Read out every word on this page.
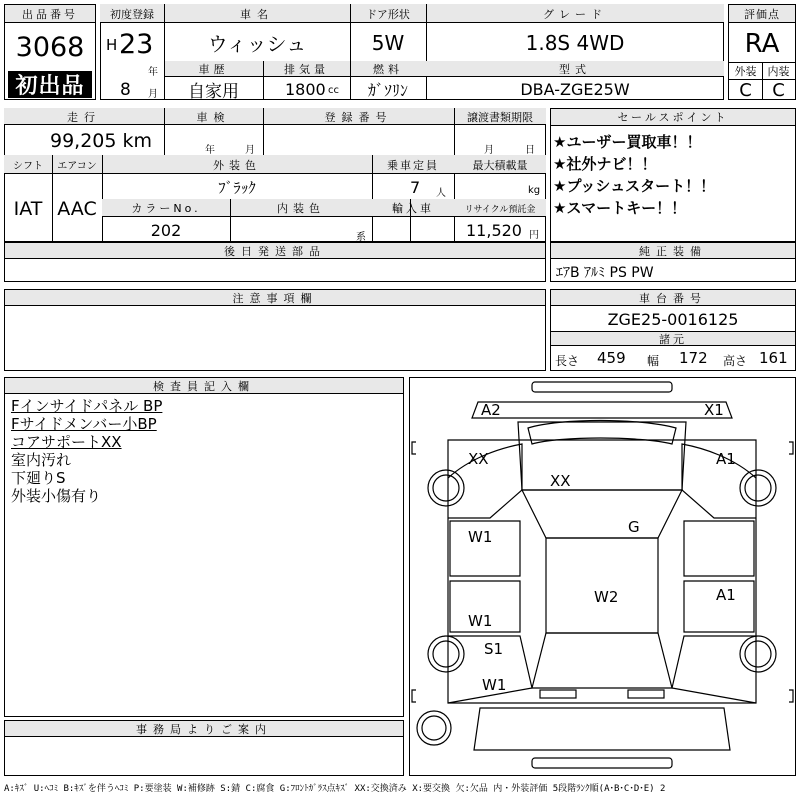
出品番号
3068
初出品
初度登録
H 23
年
8 月
車名
ウィッシュ
ドア形状
5W
グレード
1.8S 4WD
車歴
自家用
排気量
1800 cc
燃料
ｶﾞｿﾘﾝ
型式
DBA-ZGE25W
評価点
RA
外装	内装
C	C
走行
99,205 km
車検
年	月
登録番号	譲渡書類期限
月	日
シフト
IAT
エアコン
AAC
外装色
ﾌﾞﾗｯｸ
乗車定員
7 人
最大積載量
kg
カラーNo.
202
内装色
系
輸入車	リサイクル預託金
11,520 円
セールスポイント
★ユーザー買取車！！
★社外ナビ！！
★プッシュスタート！！
★スマートキー！！
後日発送部品	純正装備
ｴｱB ｱﾙﾐ PS PW
注意事項欄	車台番号
ZGE25-0016125
諸元
長さ 459 幅 172 高さ 161
検査員記入欄
Fインサイドパネル BP
Fサイドメンバー小BP
コアサポートXX
室内汚れ
下廻りS
外装小傷有り
事務局よりご案内
A2	X1
XX	A1
XX
G
W1
W2
W1
A1
S1
W1
A:ｷｽﾞ U:ﾍｺﾐ B:ｷｽﾞを伴うﾍｺﾐ P:要塗装 W:補修跡 S:錆 C:腐食 G:ﾌﾛﾝﾄｶﾞﾗｽ点ｷｽﾞ XX:交換済み X:要交換 欠:欠品 内・外装評価 5段階ﾗﾝｸ順(A･B･C･D･E) 2
